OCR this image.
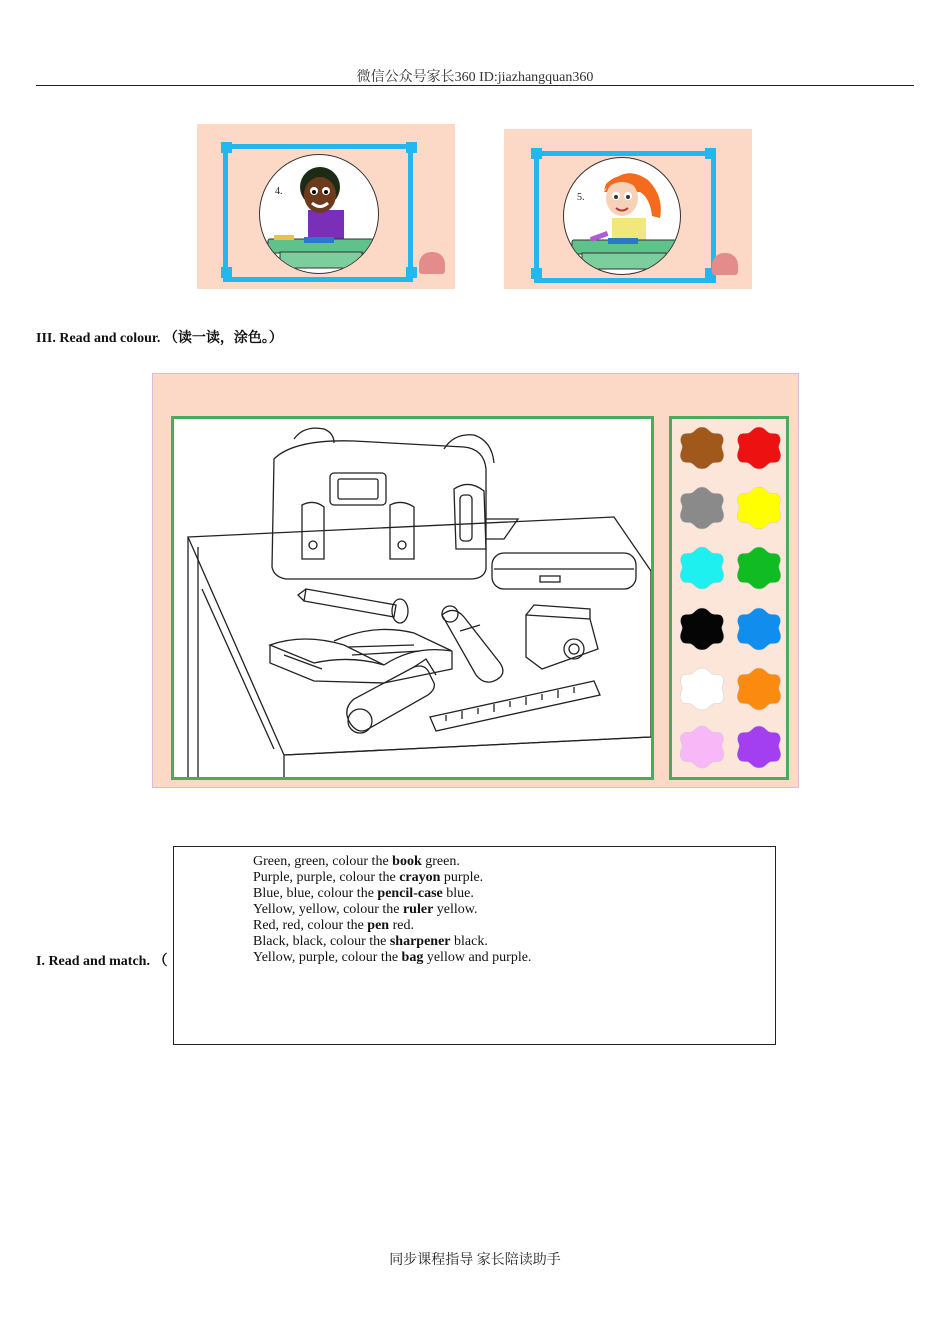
微信公众号家长360 ID:jiazhangquan360
4.
5.
III. Read and colour. （读一读，涂色。）
I. Read and match. （
Green, green, colour the book green.
Purple, purple, colour the crayon purple.
Blue, blue, colour the pencil-case blue.
Yellow, yellow, colour the ruler yellow.
Red, red, colour the pen red.
Black, black, colour the sharpener black.
Yellow, purple, colour the bag yellow and purple.
同步课程指导 家长陪读助手
